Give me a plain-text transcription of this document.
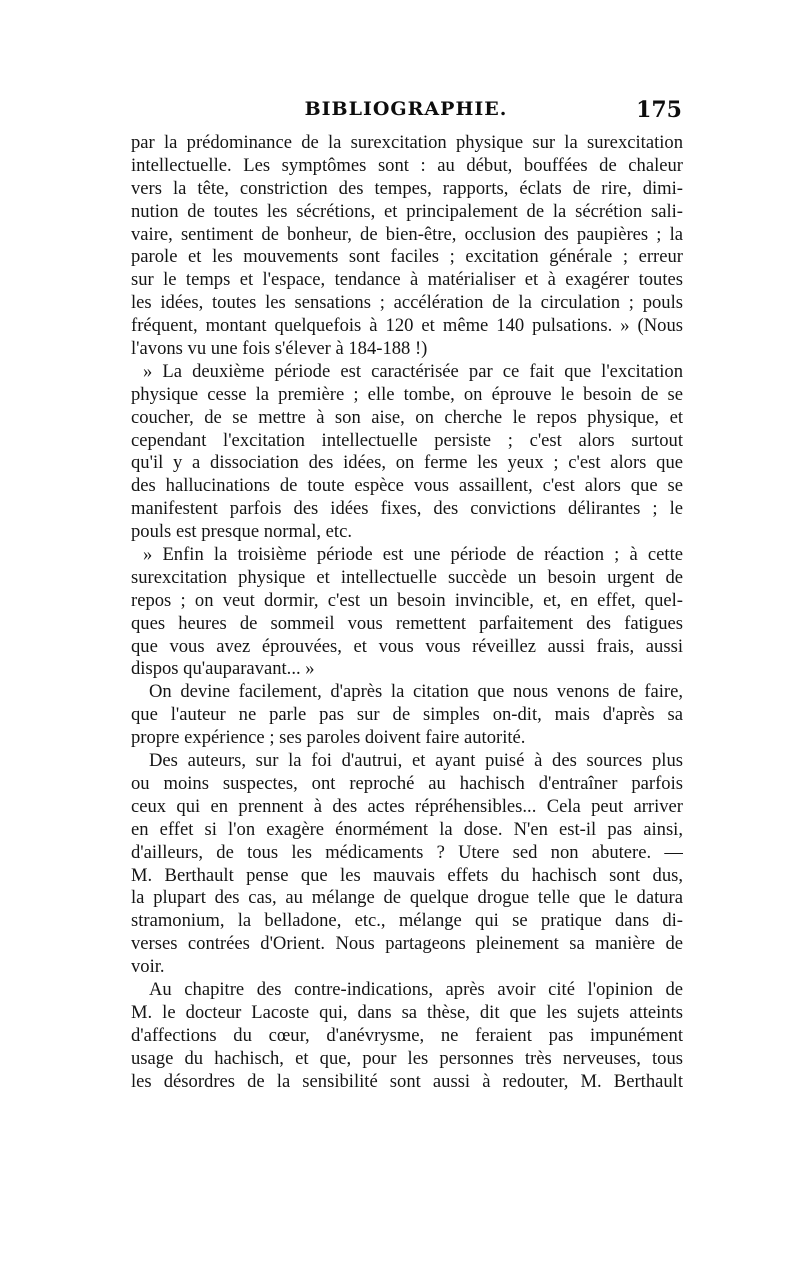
BIBLIOGRAPHIE.	175
par la prédominance de la surexcitation physique sur la surexcitation
intellectuelle. Les symptômes sont : au début, bouffées de chaleur
vers la tête, constriction des tempes, rapports, éclats de rire, dimi-
nution de toutes les sécrétions, et principalement de la sécrétion sali-
vaire, sentiment de bonheur, de bien-être, occlusion des paupières ; la
parole et les mouvements sont faciles ; excitation générale ; erreur
sur le temps et l'espace, tendance à matérialiser et à exagérer toutes
les idées, toutes les sensations ; accélération de la circulation ; pouls
fréquent, montant quelquefois à 120 et même 140 pulsations. » (Nous
l'avons vu une fois s'élever à 184-188 !)
» La deuxième période est caractérisée par ce fait que l'excitation
physique cesse la première ; elle tombe, on éprouve le besoin de se
coucher, de se mettre à son aise, on cherche le repos physique, et
cependant l'excitation intellectuelle persiste ; c'est alors surtout
qu'il y a dissociation des idées, on ferme les yeux ; c'est alors que
des hallucinations de toute espèce vous assaillent, c'est alors que se
manifestent parfois des idées fixes, des convictions délirantes ; le
pouls est presque normal, etc.
» Enfin la troisième période est une période de réaction ; à cette
surexcitation physique et intellectuelle succède un besoin urgent de
repos ; on veut dormir, c'est un besoin invincible, et, en effet, quel-
ques heures de sommeil vous remettent parfaitement des fatigues
que vous avez éprouvées, et vous vous réveillez aussi frais, aussi
dispos qu'auparavant... »
On devine facilement, d'après la citation que nous venons de faire,
que l'auteur ne parle pas sur de simples on-dit, mais d'après sa
propre expérience ; ses paroles doivent faire autorité.
Des auteurs, sur la foi d'autrui, et ayant puisé à des sources plus
ou moins suspectes, ont reproché au hachisch d'entraîner parfois
ceux qui en prennent à des actes répréhensibles... Cela peut arriver
en effet si l'on exagère énormément la dose. N'en est-il pas ainsi,
d'ailleurs, de tous les médicaments ? Utere sed non abutere. —
M. Berthault pense que les mauvais effets du hachisch sont dus,
la plupart des cas, au mélange de quelque drogue telle que le datura
stramonium, la belladone, etc., mélange qui se pratique dans di-
verses contrées d'Orient. Nous partageons pleinement sa manière de
voir.
Au chapitre des contre-indications, après avoir cité l'opinion de
M. le docteur Lacoste qui, dans sa thèse, dit que les sujets atteints
d'affections du cœur, d'anévrysme, ne feraient pas impunément
usage du hachisch, et que, pour les personnes très nerveuses, tous
les désordres de la sensibilité sont aussi à redouter, M. Berthault
